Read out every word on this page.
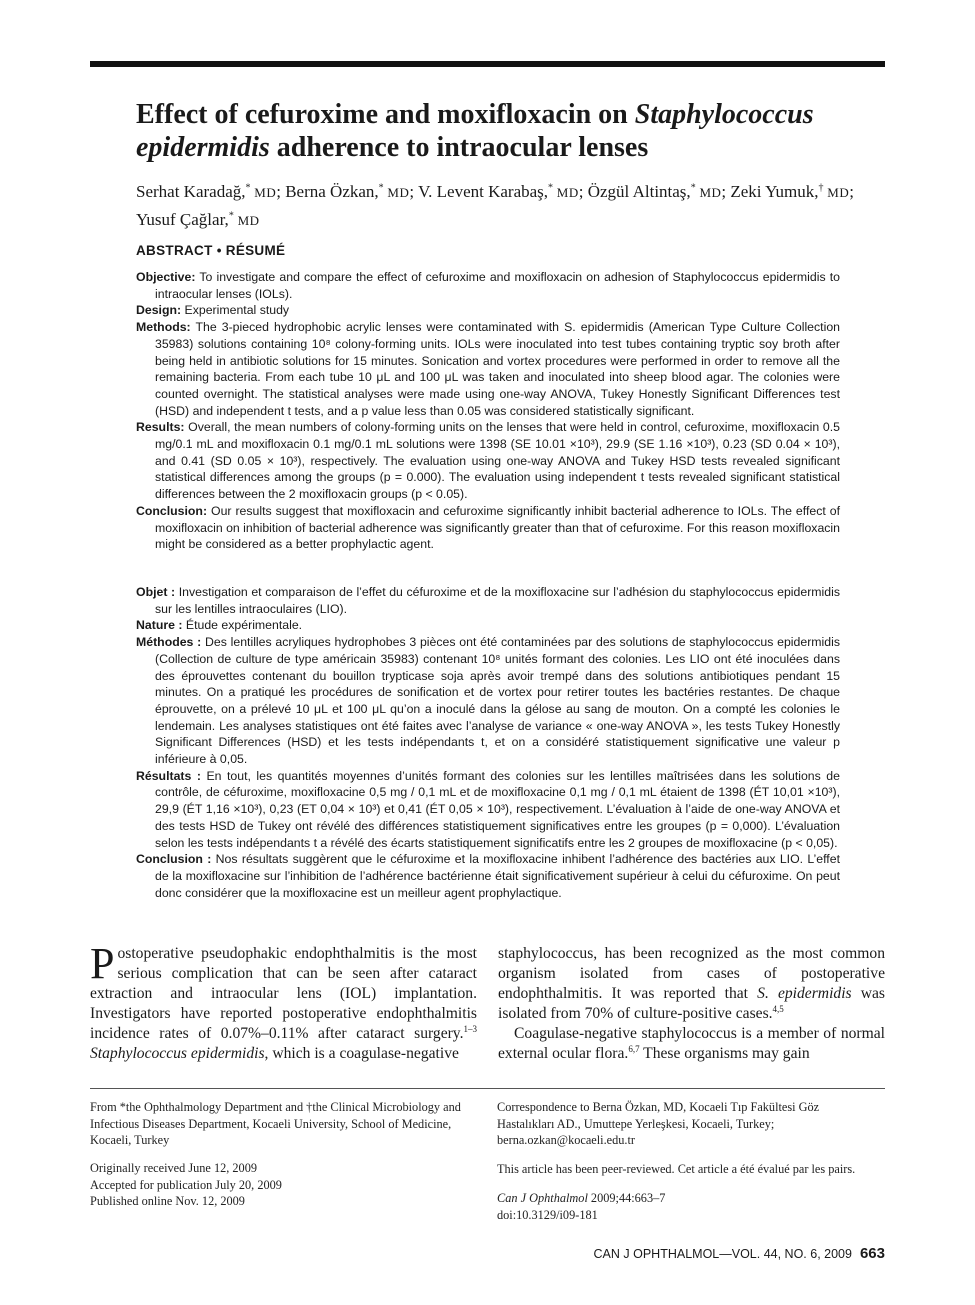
Effect of cefuroxime and moxifloxacin on Staphylococcus epidermidis adherence to intraocular lenses
Serhat Karadağ,* MD; Berna Özkan,* MD; V. Levent Karabaş,* MD; Özgül Altintaş,* MD; Zeki Yumuk,† MD; Yusuf Çağlar,* MD
ABSTRACT • RÉSUMÉ

Objective: To investigate and compare the effect of cefuroxime and moxifloxacin on adhesion of Staphylococcus epidermidis to intraocular lenses (IOLs).

Design: Experimental study

Methods: The 3-pieced hydrophobic acrylic lenses were contaminated with S. epidermidis (American Type Culture Collection 35983) solutions containing 10⁸ colony-forming units. IOLs were inoculated into test tubes containing tryptic soy broth after being held in antibiotic solutions for 15 minutes. Sonication and vortex procedures were performed in order to remove all the remaining bacteria. From each tube 10 μL and 100 μL was taken and inoculated into sheep blood agar. The colonies were counted overnight. The statistical analyses were made using one-way ANOVA, Tukey Honestly Significant Differences test (HSD) and independent t tests, and a p value less than 0.05 was considered statistically significant.

Results: Overall, the mean numbers of colony-forming units on the lenses that were held in control, cefuroxime, moxifloxacin 0.5 mg/0.1 mL and moxifloxacin 0.1 mg/0.1 mL solutions were 1398 (SE 10.01 ×10³), 29.9 (SE 1.16 ×10³), 0.23 (SD 0.04 × 10³), and 0.41 (SD 0.05 × 10³), respectively. The evaluation using one-way ANOVA and Tukey HSD tests revealed significant statistical differences among the groups (p = 0.000). The evaluation using independent t tests revealed significant statistical differences between the 2 moxifloxacin groups (p < 0.05).

Conclusion: Our results suggest that moxifloxacin and cefuroxime significantly inhibit bacterial adherence to IOLs. The effect of moxifloxacin on inhibition of bacterial adherence was significantly greater than that of cefuroxime. For this reason moxifloxacin might be considered as a better prophylactic agent.

Objet : Investigation et comparaison de l’effet du céfuroxime et de la moxifloxacine sur l’adhésion du staphylococcus epidermidis sur les lentilles intraoculaires (LIO).

Nature : Étude expérimentale.

Méthodes : Des lentilles acryliques hydrophobes 3 pièces ont été contaminées par des solutions de staphylococcus epidermidis (Collection de culture de type américain 35983) contenant 10⁸ unités formant des colonies. Les LIO ont été inoculées dans des éprouvettes contenant du bouillon trypticase soja après avoir trempé dans des solutions antibiotiques pendant 15 minutes. On a pratiqué les procédures de sonification et de vortex pour retirer toutes les bactéries restantes. De chaque éprouvette, on a prélevé 10 μL et 100 μL qu’on a inoculé dans la gélose au sang de mouton. On a compté les colonies le lendemain. Les analyses statistiques ont été faites avec l’analyse de variance « one-way ANOVA », les tests Tukey Honestly Significant Differences (HSD) et les tests indépendants t, et on a considéré statistiquement significative une valeur p inférieure à 0,05.

Résultats : En tout, les quantités moyennes d’unités formant des colonies sur les lentilles maîtrisées dans les solutions de contrôle, de céfuroxime, moxifloxacine 0,5 mg / 0,1 mL et de moxifloxacine 0,1 mg / 0,1 mL étaient de 1398 (ÉT 10,01 ×10³), 29,9 (ÉT 1,16 ×10³), 0,23 (ET 0,04 × 10³) et 0,41 (ÉT 0,05 × 10³), respectivement. L’évaluation à l’aide de one-way ANOVA et des tests HSD de Tukey ont révélé des différences statistiquement significatives entre les groupes (p = 0,000). L’évaluation selon les tests indépendants t a révélé des écarts statistiquement significatifs entre les 2 groupes de moxifloxacine (p < 0,05).

Conclusion : Nos résultats suggèrent que le céfuroxime et la moxifloxacine inhibent l’adhérence des bactéries aux LIO. L’effet de la moxifloxacine sur l’inhibition de l’adhérence bactérienne était significativement supérieur à celui du céfuroxime. On peut donc considérer que la moxifloxacine est un meilleur agent prophylactique.

Postoperative pseudophakic endophthalmitis is the most serious complication that can be seen after cataract extraction and intraocular lens (IOL) implantation. Investigators have reported postoperative endophthalmitis incidence rates of 0.07%–0.11% after cataract surgery.$^{1-3}$ Staphylococcus epidermidis, which is a coagulase-negative

staphylococcus, has been recognized as the most common organism isolated from cases of postoperative endophthalmitis. It was reported that S. epidermidis was isolated from 70% of culture-positive cases.$^{4,5}$

Coagulase-negative staphylococcus is a member of normal external ocular flora.$^{6,7}$ These organisms may gain

From *the Ophthalmology Department and †the Clinical Microbiology and Infectious Diseases Department, Kocaeli University, School of Medicine, Kocaeli, Turkey

Originally received June 12, 2009

Accepted for publication July 20, 2009

Published online Nov. 12, 2009

Correspondence to Berna Özkan, MD, Kocaeli Tıp Fakültesi Göz Hastalıkları AD., Umuttepe Yerleşkesi, Kocaeli, Turkey; berna.ozkan@kocaeli.edu.tr

This article has been peer-reviewed. Cet article a été évalué par les pairs.

Can J Ophthalmol 2009;44:663–7

doi:10.3129/i09-181

CAN J OPHTHALMOL—VOL. 44, NO. 6, 2009 663
